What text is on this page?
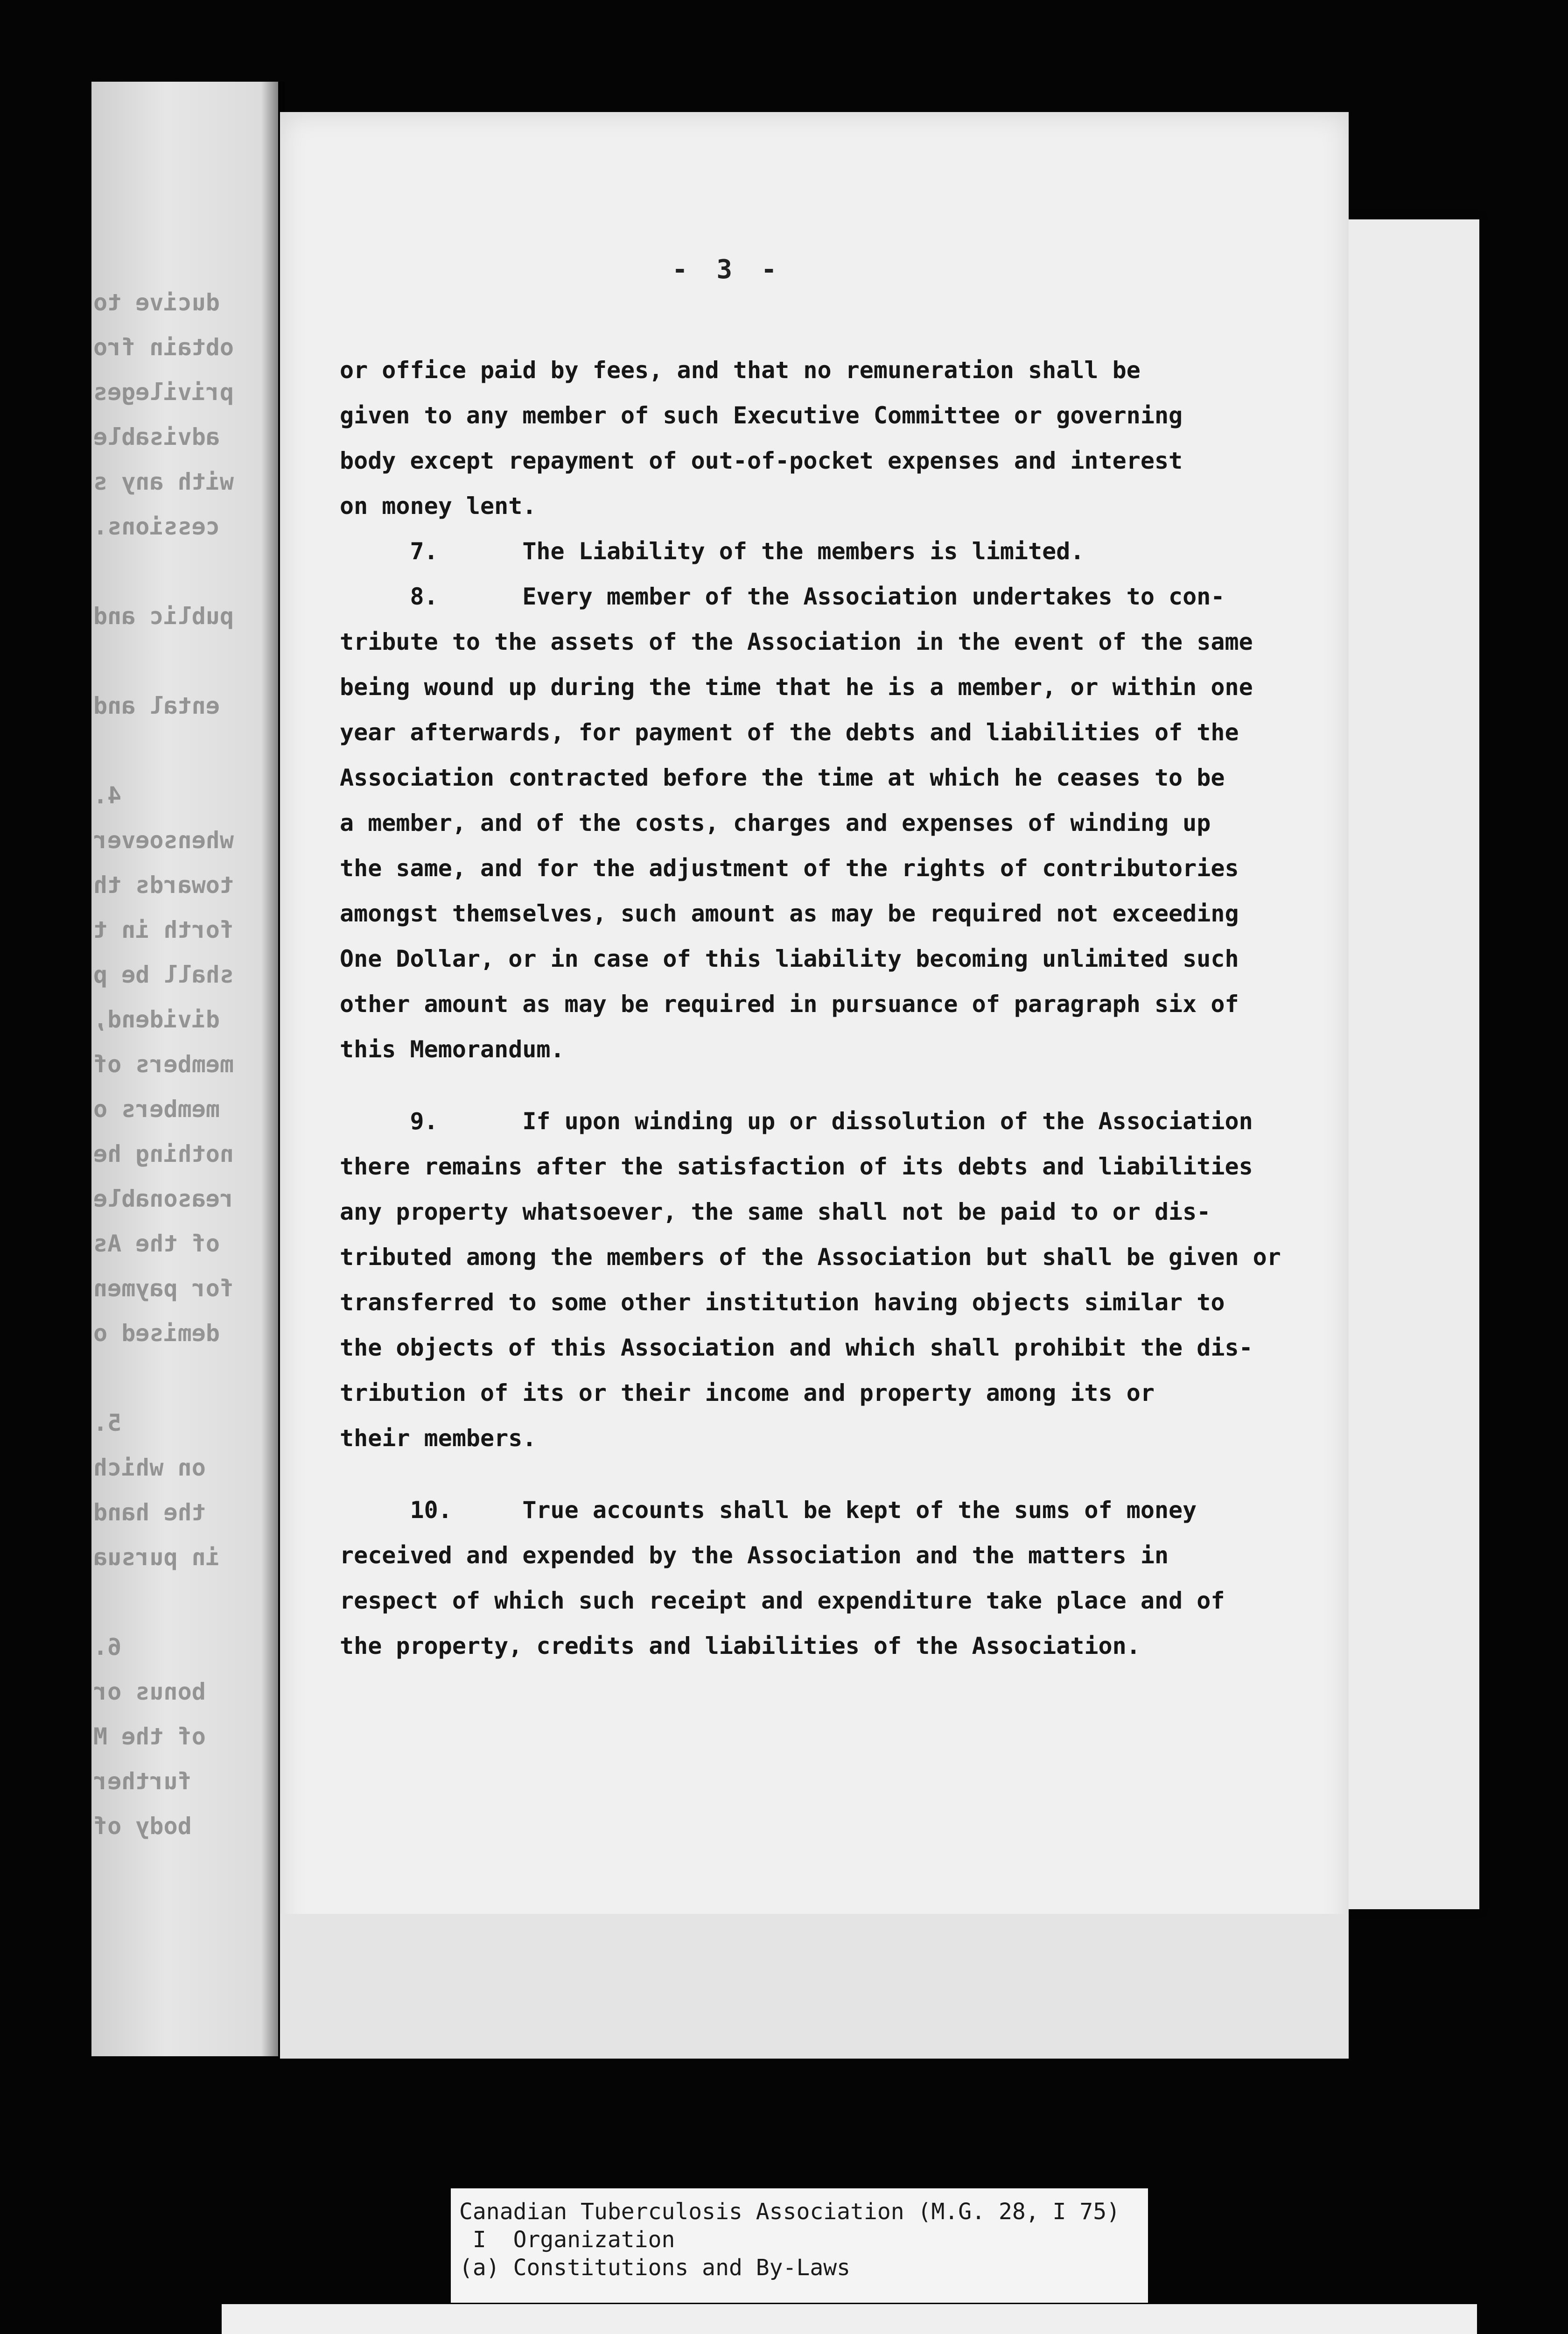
ducive to
obtain fro
privileges
advisable
with any s
cessions.
public and
ental and
4.
whensoever
towards th
forth in t
shall be p
dividend,
members of
members o
nothing he
reasonable
of the As
for paymen
demised o
5.
on which
the hand
in pursua
6.
bonus or
of the M
further
body of
- 3 -
or office paid by fees, and that no remuneration shall be
given to any member of such Executive Committee or governing
body except repayment of out-of-pocket expenses and interest
on money lent.
7.      The Liability of the members is limited.
8.      Every member of the Association undertakes to con-
tribute to the assets of the Association in the event of the same
being wound up during the time that he is a member, or within one
year afterwards, for payment of the debts and liabilities of the
Association contracted before the time at which he ceases to be
a member, and of the costs, charges and expenses of winding up
the same, and for the adjustment of the rights of contributories
amongst themselves, such amount as may be required not exceeding
One Dollar, or in case of this liability becoming unlimited such
other amount as may be required in pursuance of paragraph six of
this Memorandum.
9.      If upon winding up or dissolution of the Association
there remains after the satisfaction of its debts and liabilities
any property whatsoever, the same shall not be paid to or dis-
tributed among the members of the Association but shall be given or
transferred to some other institution having objects similar to
the objects of this Association and which shall prohibit the dis-
tribution of its or their income and property among its or
their members.
10.     True accounts shall be kept of the sums of money
received and expended by the Association and the matters in
respect of which such receipt and expenditure take place and of
the property, credits and liabilities of the Association.
Canadian Tuberculosis Association (M.G. 28, I 75)
I  Organization
(a) Constitutions and By-Laws
